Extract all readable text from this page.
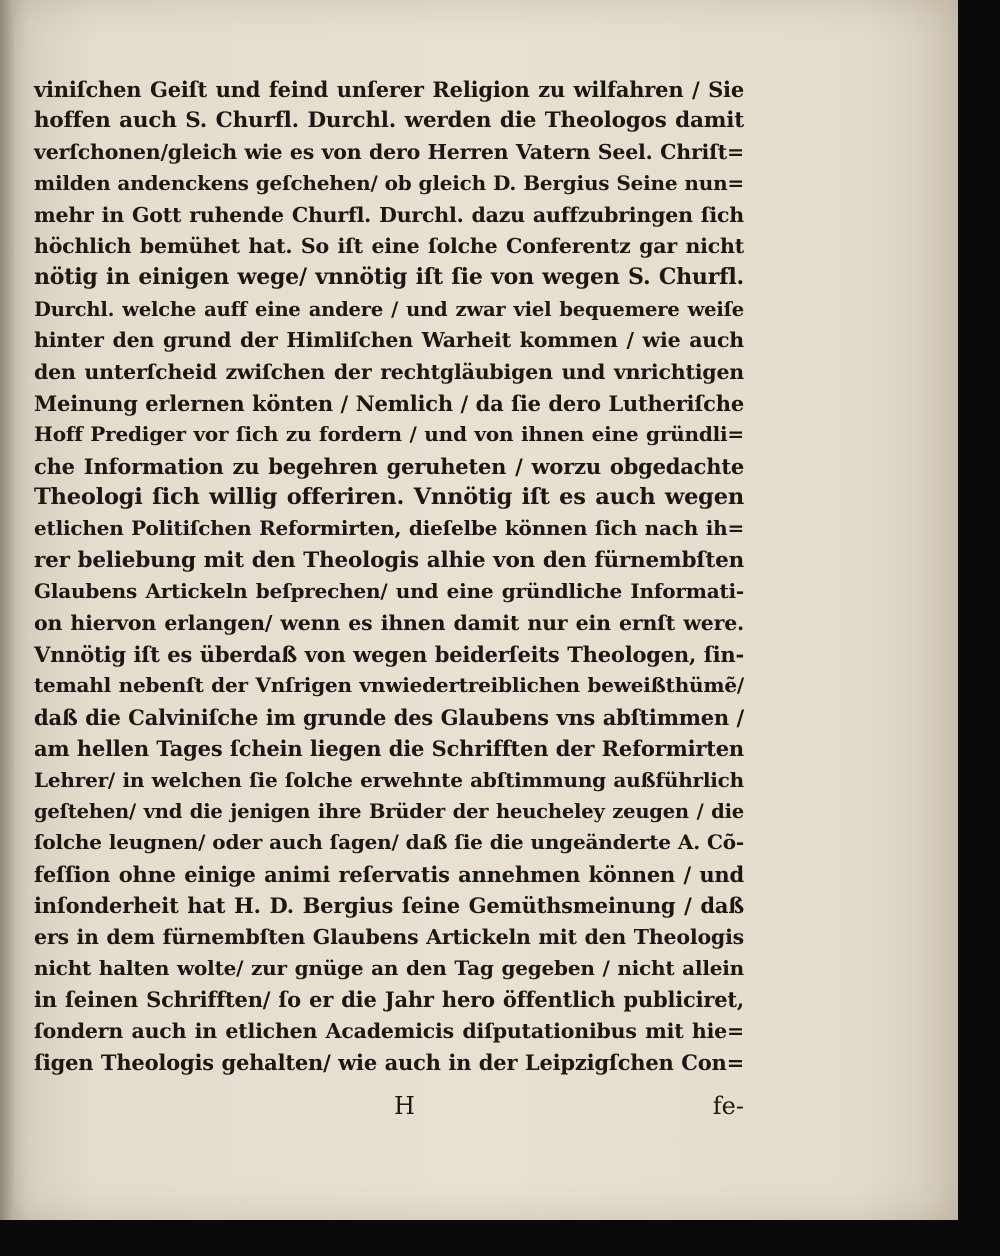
viniſchen Geiſt und feind unſerer Religion zu wilfahren / Sie
hoffen auch S. Churfl. Durchl. werden die Theologos damit
verſchonen/gleich wie es von dero Herren Vatern Seel. Chriſt=
milden andenckens geſchehen/ ob gleich D. Bergius Seine nun=
mehr in Gott ruhende Churfl. Durchl. dazu auffzubringen ſich
höchlich bemühet hat. So iſt eine ſolche Conferentz gar nicht
nötig in einigen wege/ vnnötig iſt ſie von wegen S. Churfl.
Durchl. welche auff eine andere / und zwar viel bequemere weiſe
hinter den grund der Himliſchen Warheit kommen / wie auch
den unterſcheid zwiſchen der rechtgläubigen und vnrichtigen
Meinung erlernen könten / Nemlich / da ſie dero Lutheriſche
Hoff Prediger vor ſich zu fordern / und von ihnen eine gründli=
che Information zu begehren geruheten / worzu obgedachte
Theologi ſich willig offeriren. Vnnötig iſt es auch wegen
etlichen Politiſchen Reformirten, dieſelbe können ſich nach ih=
rer beliebung mit den Theologis alhie von den fürnembſten
Glaubens Artickeln beſprechen/ und eine gründliche Informati-
on hiervon erlangen/ wenn es ihnen damit nur ein ernſt were.
Vnnötig iſt es überdaß von wegen beiderſeits Theologen, ſin-
temahl nebenſt der Vnſrigen vnwiedertreiblichen beweißthümẽ/
daß die Calviniſche im grunde des Glaubens vns abſtimmen /
am hellen Tages ſchein liegen die Schrifften der Reformirten
Lehrer/ in welchen ſie ſolche erwehnte abſtimmung außführlich
geſtehen/ vnd die jenigen ihre Brüder der heucheley zeugen / die
ſolche leugnen/ oder auch ſagen/ daß ſie die ungeänderte A. Cõ-
feſſion ohne einige animi reſervatis annehmen können / und
inſonderheit hat H. D. Bergius ſeine Gemüthsmeinung / daß
ers in dem fürnembſten Glaubens Artickeln mit den Theologis
nicht halten wolte/ zur gnüge an den Tag gegeben / nicht allein
in ſeinen Schrifften/ ſo er die Jahr hero öffentlich publiciret,
ſondern auch in etlichen Academicis diſputationibus mit hie=
ſigen Theologis gehalten/ wie auch in der Leipzigſchen Con=
H	fe-
